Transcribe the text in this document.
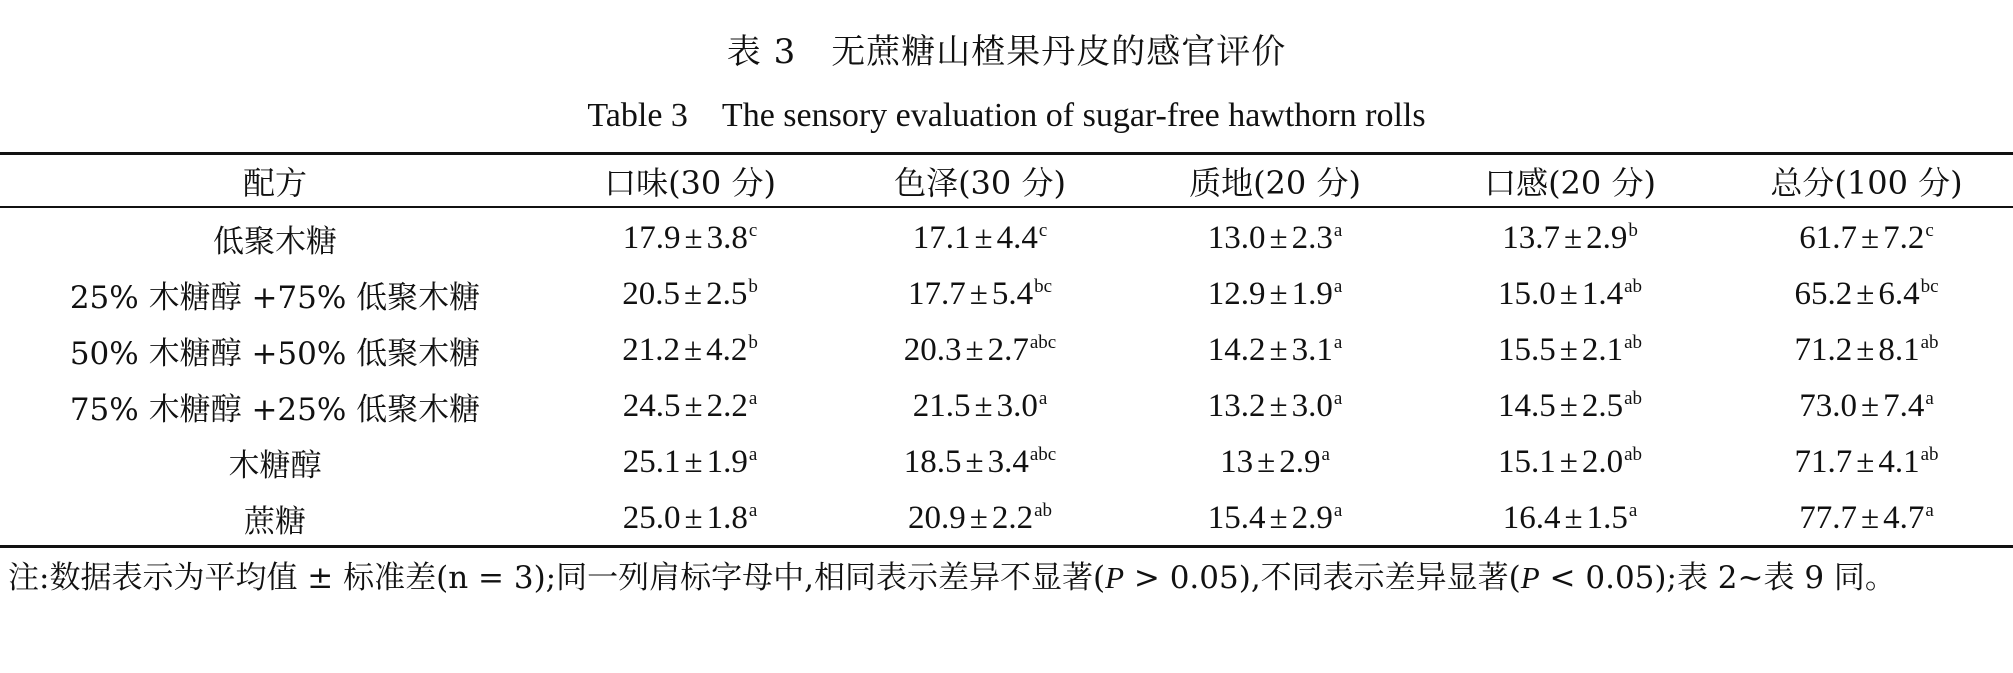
表 3　无蔗糖山楂果丹皮的感官评价
Table 3　The sensory evaluation of sugar-free hawthorn rolls
配方	口味(30 分)	色泽(30 分)	质地(20 分)	口感(20 分)	总分(100 分)
低聚木糖	17.9 ± 3.8$^c$	17.1 ± 4.4$^c$	13.0 ± 2.3$^a$	13.7 ± 2.9$^b$	61.7 ± 7.2$^c$
25% 木糖醇 +75% 低聚木糖	20.5 ± 2.5$^b$	17.7 ± 5.4$^{bc}$	12.9 ± 1.9$^a$	15.0 ± 1.4$^{ab}$	65.2 ± 6.4$^{bc}$
50% 木糖醇 +50% 低聚木糖	21.2 ± 4.2$^b$	20.3 ± 2.7$^{abc}$	14.2 ± 3.1$^a$	15.5 ± 2.1$^{ab}$	71.2 ± 8.1$^{ab}$
75% 木糖醇 +25% 低聚木糖	24.5 ± 2.2$^a$	21.5 ± 3.0$^a$	13.2 ± 3.0$^a$	14.5 ± 2.5$^{ab}$	73.0 ± 7.4$^a$
木糖醇	25.1 ± 1.9$^a$	18.5 ± 3.4$^{abc}$	13 ± 2.9$^a$	15.1 ± 2.0$^{ab}$	71.7 ± 4.1$^{ab}$
蔗糖	25.0 ± 1.8$^a$	20.9 ± 2.2$^{ab}$	15.4 ± 2.9$^a$	16.4 ± 1.5$^a$	77.7 ± 4.7$^a$
注:数据表示为平均值 ± 标准差(n = 3);同一列肩标字母中,相同表示差异不显著(P > 0.05),不同表示差异显著(P < 0.05);表 2~表 9 同。
